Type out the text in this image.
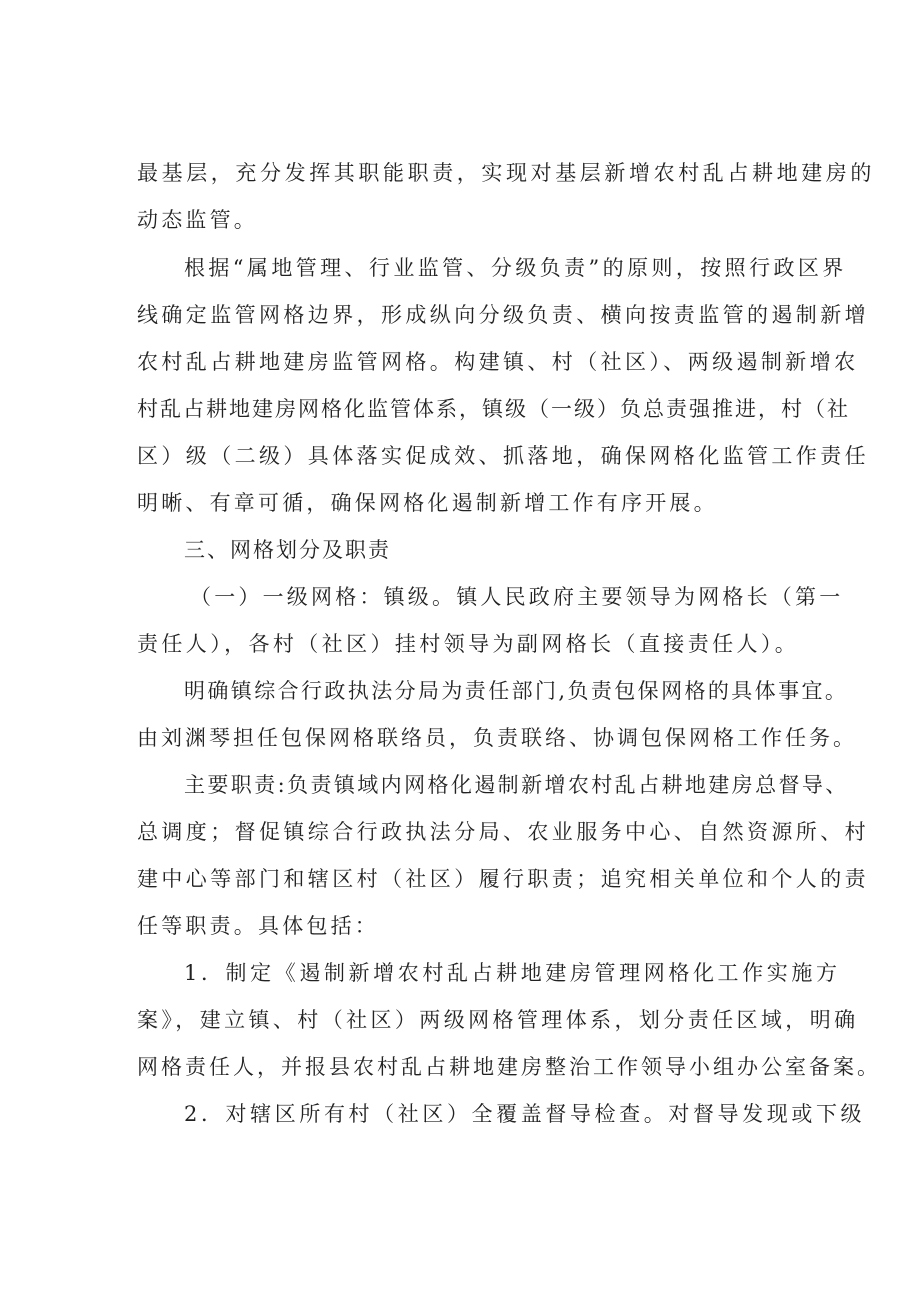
最基层，充分发挥其职能职责，实现对基层新增农村乱占耕地建房的
动态监管。
根据“属地管理、行业监管、分级负责”的原则，按照行政区界
线确定监管网格边界，形成纵向分级负责、横向按责监管的遏制新增
农村乱占耕地建房监管网格。构建镇、村（社区）、两级遏制新增农
村乱占耕地建房网格化监管体系，镇级（一级）负总责强推进，村（社
区）级（二级）具体落实促成效、抓落地，确保网格化监管工作责任
明晰、有章可循，确保网格化遏制新增工作有序开展。
三、网格划分及职责
（一）一级网格：镇级。镇人民政府主要领导为网格长（第一
责任人），各村（社区）挂村领导为副网格长（直接责任人）。
明确镇综合行政执法分局为责任部门,负责包保网格的具体事宜。
由刘渊琴担任包保网格联络员，负责联络、协调包保网格工作任务。
主要职责:负责镇域内网格化遏制新增农村乱占耕地建房总督导、
总调度；督促镇综合行政执法分局、农业服务中心、自然资源所、村
建中心等部门和辖区村（社区）履行职责；追究相关单位和个人的责
任等职责。具体包括：
1．制定《遏制新增农村乱占耕地建房管理网格化工作实施方
案》，建立镇、村（社区）两级网格管理体系，划分责任区域，明确
网格责任人，并报县农村乱占耕地建房整治工作领导小组办公室备案。
2．对辖区所有村（社区）全覆盖督导检查。对督导发现或下级
